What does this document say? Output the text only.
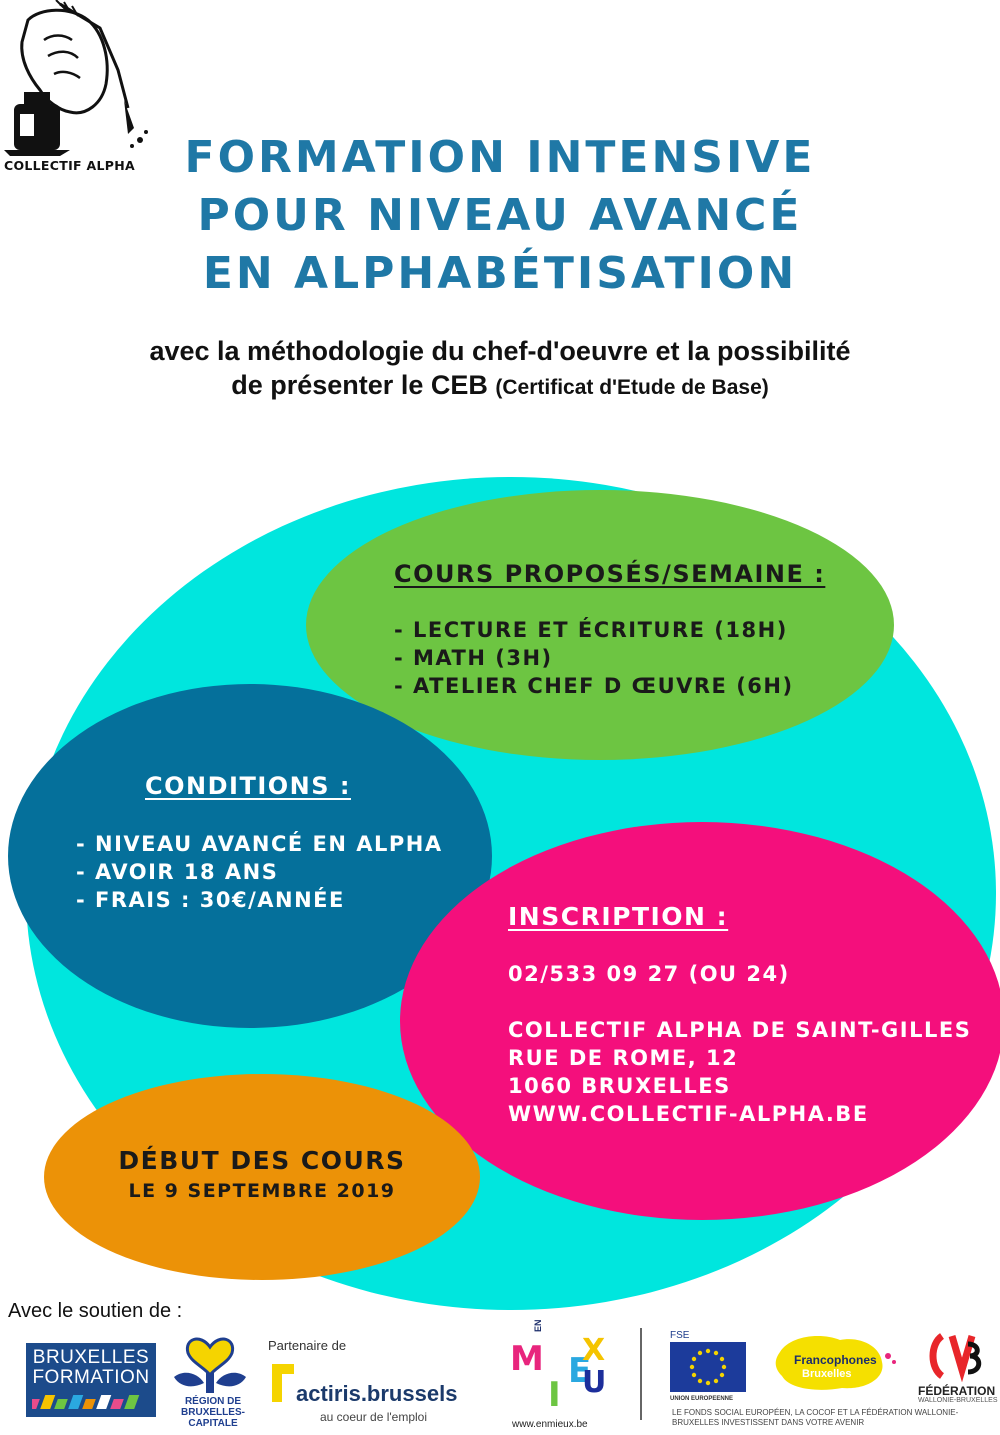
COLLECTIF ALPHA	FORMATION INTENSIVE
POUR NIVEAU AVANCÉ
EN ALPHABÉTISATION
avec la méthodologie du chef-d'oeuvre et la possibilité
de présenter le CEB (Certificat d'Etude de Base)
COURS PROPOSÉS/SEMAINE :
- LECTURE ET ÉCRITURE (18H)
- MATH (3H)
- ATELIER CHEF D ŒUVRE (6H)
CONDITIONS :
- NIVEAU AVANCÉ EN ALPHA
- AVOIR 18 ANS
- FRAIS : 30€/ANNÉE
INSCRIPTION :
02/533 09 27 (OU 24)
COLLECTIF ALPHA DE SAINT-GILLES
RUE DE ROME, 12
1060 BRUXELLES
WWW.COLLECTIF-ALPHA.BE
DÉBUT DES COURS
LE 9 SEPTEMBRE 2019
Avec le soutien de :
BRUXELLES
FORMATION
RÉGION DE BRUXELLES-CAPITALE
Partenaire de
actiris.brussels
au coeur de l'emploi
M
I
E
X
U
EN
www.enmieux.be
FSE
UNION EUROPEENNE
Francophones
Bruxelles
FÉDÉRATION
WALLONIE-BRUXELLES
LE FONDS SOCIAL EUROPÉEN, LA COCOF ET LA FÉDÉRATION WALLONIE-BRUXELLES INVESTISSENT DANS VOTRE AVENIR
